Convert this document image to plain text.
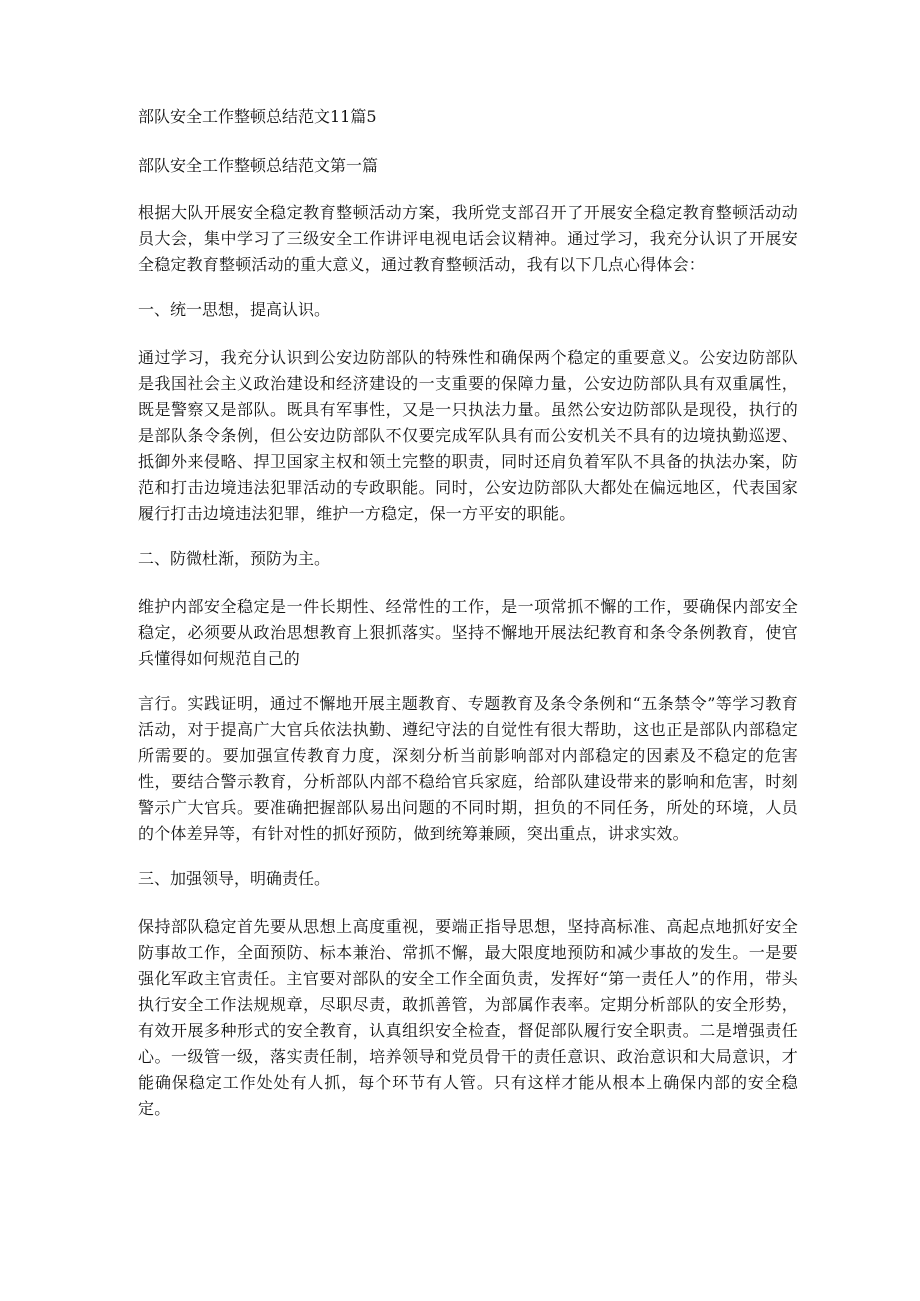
部队安全工作整顿总结范文11篇5
部队安全工作整顿总结范文第一篇

根据大队开展安全稳定教育整顿活动方案，我所党支部召开了开展安全稳定教育整顿活动动员大会，集中学习了三级安全工作讲评电视电话会议精神。通过学习，我充分认识了开展安全稳定教育整顿活动的重大意义，通过教育整顿活动，我有以下几点心得体会：

一、统一思想，提高认识。

通过学习，我充分认识到公安边防部队的特殊性和确保两个稳定的重要意义。公安边防部队是我国社会主义政治建设和经济建设的一支重要的保障力量，公安边防部队具有双重属性，既是警察又是部队。既具有军事性，又是一只执法力量。虽然公安边防部队是现役，执行的是部队条令条例，但公安边防部队不仅要完成军队具有而公安机关不具有的边境执勤巡逻、抵御外来侵略、捍卫国家主权和领土完整的职责，同时还肩负着军队不具备的执法办案，防范和打击边境违法犯罪活动的专政职能。同时，公安边防部队大都处在偏远地区，代表国家履行打击边境违法犯罪，维护一方稳定，保一方平安的职能。

二、防微杜渐，预防为主。

维护内部安全稳定是一件长期性、经常性的工作，是一项常抓不懈的工作，要确保内部安全稳定，必须要从政治思想教育上狠抓落实。坚持不懈地开展法纪教育和条令条例教育，使官兵懂得如何规范自己的

言行。实践证明，通过不懈地开展主题教育、专题教育及条令条例和“五条禁令”等学习教育活动，对于提高广大官兵依法执勤、遵纪守法的自觉性有很大帮助，这也正是部队内部稳定所需要的。要加强宣传教育力度，深刻分析当前影响部对内部稳定的因素及不稳定的危害性，要结合警示教育，分析部队内部不稳给官兵家庭，给部队建设带来的影响和危害，时刻警示广大官兵。要准确把握部队易出问题的不同时期，担负的不同任务，所处的环境，人员的个体差异等，有针对性的抓好预防，做到统筹兼顾，突出重点，讲求实效。

三、加强领导，明确责任。

保持部队稳定首先要从思想上高度重视，要端正指导思想，坚持高标准、高起点地抓好安全防事故工作，全面预防、标本兼治、常抓不懈，最大限度地预防和减少事故的发生。一是要强化军政主官责任。主官要对部队的安全工作全面负责，发挥好“第一责任人”的作用，带头执行安全工作法规规章，尽职尽责，敢抓善管，为部属作表率。定期分析部队的安全形势，有效开展多种形式的安全教育，认真组织安全检查，督促部队履行安全职责。二是增强责任心。一级管一级，落实责任制，培养领导和党员骨干的责任意识、政治意识和大局意识，才能确保稳定工作处处有人抓，每个环节有人管。只有这样才能从根本上确保内部的安全稳定。
